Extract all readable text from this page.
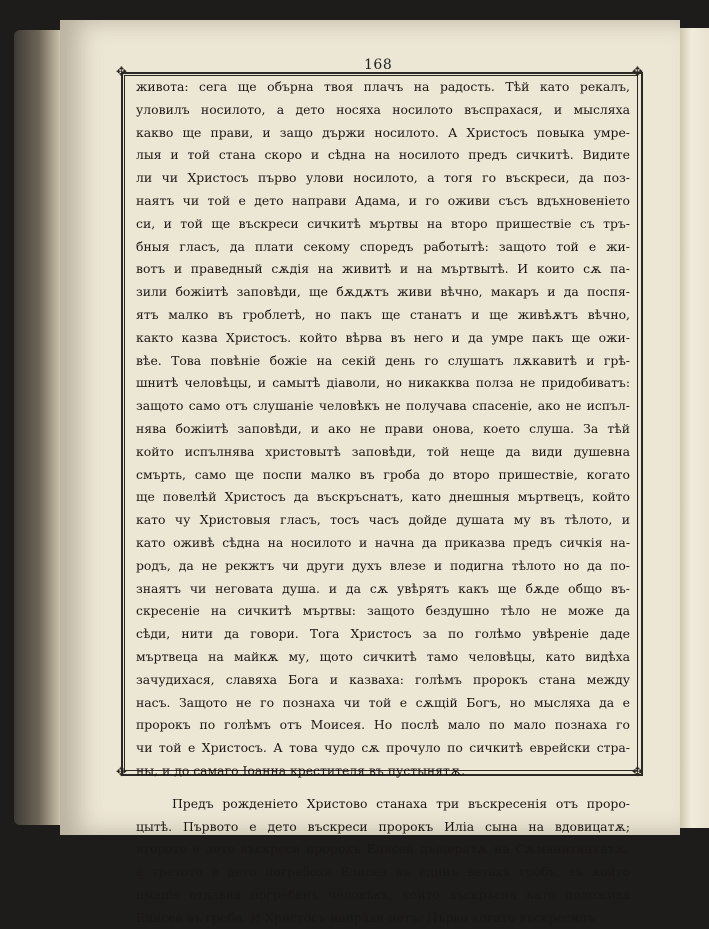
168
✥	✥
✥	✥
живота: сега ще обърна твоя плачъ на радость. Тѣй като рекалъ,
уловилъ носилото, а дето носяха носилото въспрахася, и мысляха
какво ще прави, и защо държи носилото. А Христосъ повыка умре-
лыя и той стана скоро и сѣдна на носилото предъ сичкитѣ. Видите
ли чи Христосъ първо улови носилото, а тогя го въскреси, да поз-
наятъ чи той е дето направи Адама, и го оживи съсъ вдъхновенiето
си, и той ще въскреси сичкитѣ мъртвы на второ пришествiе съ тръ-
бныя гласъ, да плати секому споредъ работытѣ: защото той е жи-
вотъ и праведный сѫдiя на живитѣ и на мъртвытѣ. И които сѫ па-
зили божiитѣ заповѣди, ще бѫдѫтъ живи вѣчно, макаръ и да поспя-
ятъ малко въ гроблетѣ, но пакъ ще станатъ и ще живѣѫтъ вѣчно,
както казва Христосъ. който вѣрва въ него и да умре пакъ ще ожи-
вѣе. Това повѣнiе божiе на секiй день го слушатъ лѫкавитѣ и грѣ-
шнитѣ человѣцы, и самытѣ дiаволи, но никакква полза не придобиватъ:
защото само отъ слушанiе человѣкъ не получава спасенiе, ако не испъл-
нява божiитѣ заповѣди, и ако не прави онова, което слуша. За тѣй
който испълнява христовытѣ заповѣди, той неще да види душевна
смърть, само ще поспи малко въ гроба до второ пришествiе, когато
ще повелѣй Христосъ да въскръснатъ, като днешныя мъртвецъ, който
като чу Христовыя гласъ, тосъ часъ дойде душата му въ тѣлото, и
като оживѣ сѣдна на носилото и начна да приказва предъ сичкiя на-
родъ, да не рекжтъ чи други духъ влезе и подигна тѣлото но да по-
знаятъ чи неговата душа. и да сѫ увѣрятъ какъ ще бѫде общо въ-
скресенiе на сичкитѣ мъртвы: защото бездушно тѣло не може да
сѣди, нити да говори. Тога Христосъ за по голѣмо увѣренiе даде
мъртвеца на майкѫ му, щото сичкитѣ тамо человѣцы, като видѣха
зачудихася, славяха Бога и казваха: голѣмъ пророкъ стана между
насъ. Защото не го познаха чи той е сѫщiй Богъ, но мысляха да е
пророкъ по голѣмъ отъ Моисея. Но послѣ мало по мало познаха го
чи той е Христосъ. А това чудо сѫ прочуло по сичкитѣ еврейски стра-
ны, и до самаго Iоанна крестителя въ пустынятѫ.
Предъ рожденiето Христово станаха три въскресенiя отъ проро-
цытѣ. Първото е дето въскреси пророкъ Илiа сына на вдовицатѫ;
второто е дето въскреси пророкъ Елисей дъщерятѫ на Сѫманитянкатѫ,
а третото е дето погребоха Елисеа въ единъ ветахъ гробъ, въ който
имаше отдавна погребенъ человѣкъ, който въскръсна като положиха
Елисеа въ гроба. И Христосъ направи петъ: Първо когато въскресилъ
